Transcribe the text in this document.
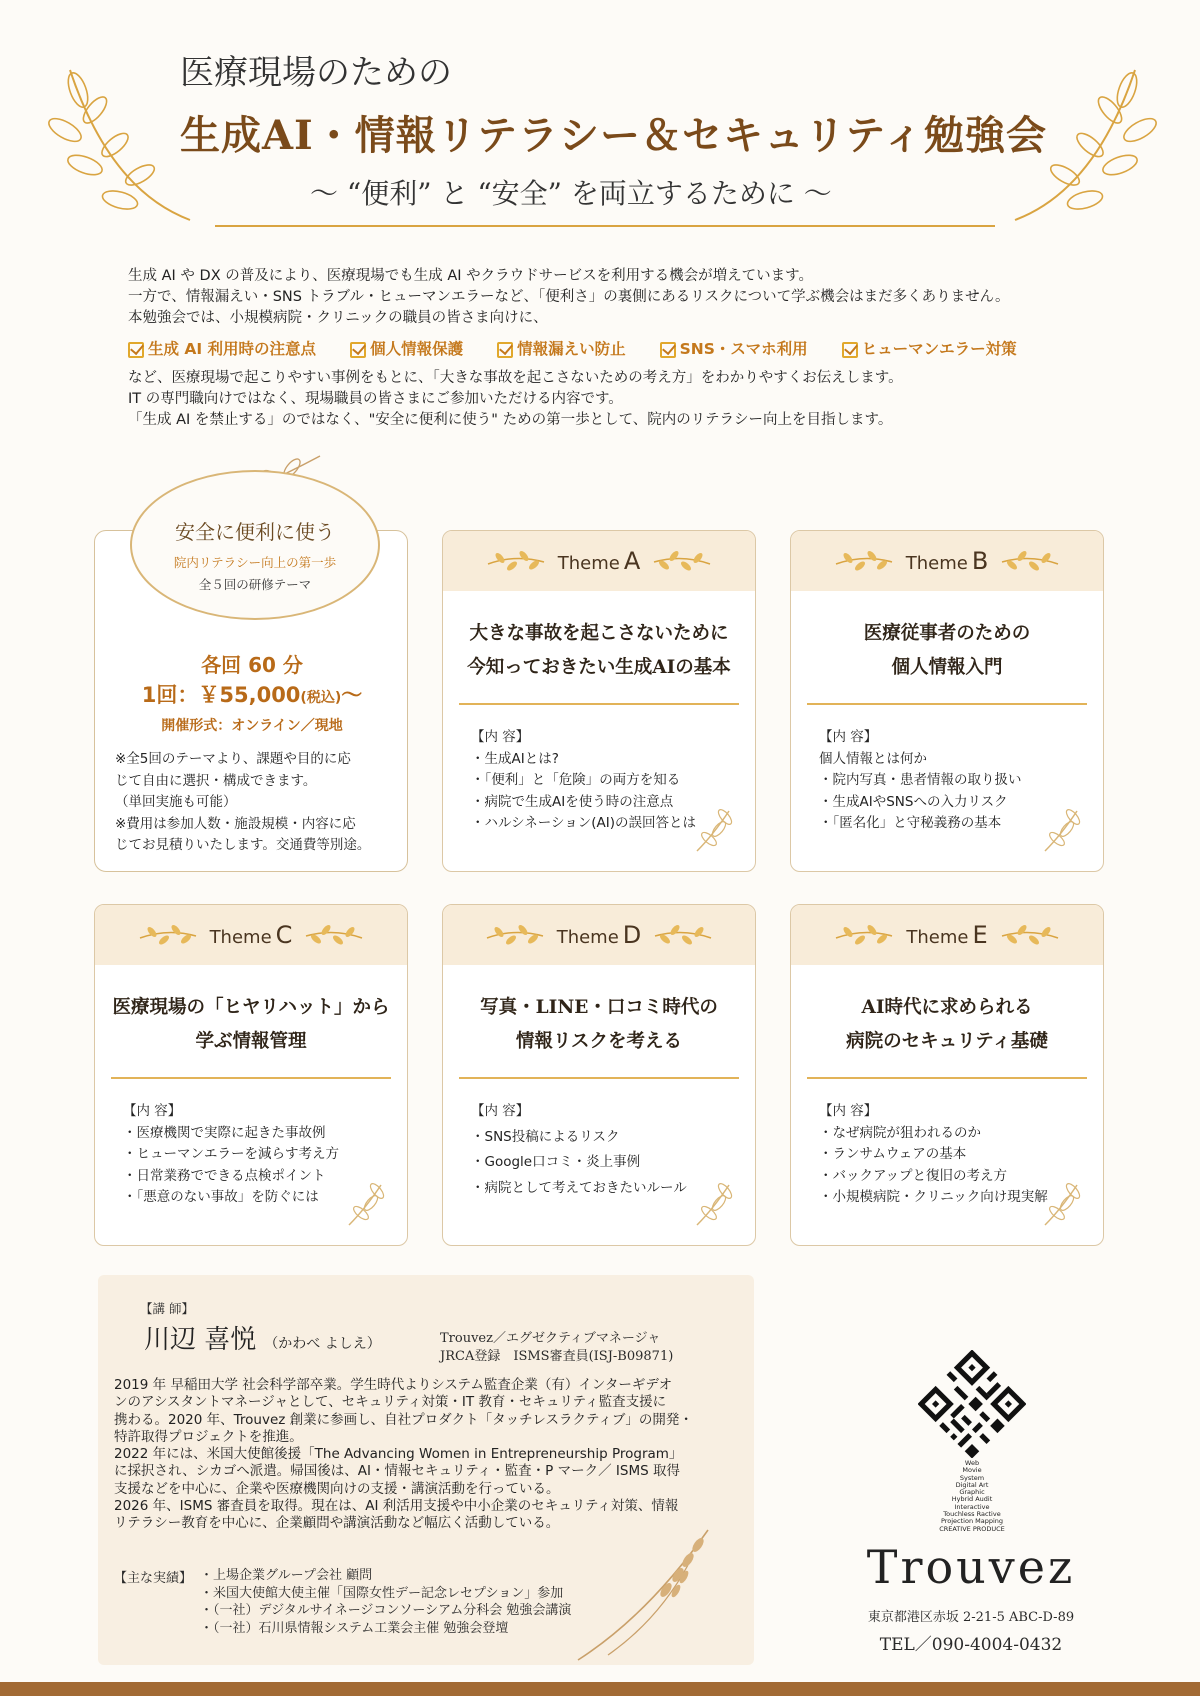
医療現場のための
生成AI・情報リテラシー＆セキュリティ勉強会
～ “便利” と “安全” を両立するために ～

生成 AI や DX の普及により、医療現場でも生成 AI やクラウドサービスを利用する機会が増えています。

一方で、情報漏えい・SNS トラブル・ヒューマンエラーなど、「便利さ」の裏側にあるリスクについて学ぶ機会はまだ多くありません。

本勉強会では、小規模病院・クリニックの職員の皆さま向けに、

生成 AI 利用時の注意点	個人情報保護	情報漏えい防止	SNS・スマホ利用	ヒューマンエラー対策

など、医療現場で起こりやすい事例をもとに、「大きな事故を起こさないための考え方」をわかりやすくお伝えします。

IT の専門職向けではなく、現場職員の皆さまにご参加いただける内容です。

「生成 AI を禁止する」のではなく、"安全に便利に使う" ための第一歩として、院内のリテラシー向上を目指します。

各回 60 分
1回：￥55,000(税込)〜
開催形式：オンライン／現地
※全5回のテーマより、課題や目的に応
じて自由に選択・構成できます。
（単回実施も可能）
※費用は参加人数・施設規模・内容に応
じてお見積りいたします。交通費等別途。
安全に便利に使う
院内リテラシー向上の第一歩
全５回の研修テーマ
Theme A
大きな事故を起こさないために
今知っておきたい生成AIの基本
【内 容】
・生成AIとは?
・「便利」と「危険」の両方を知る
・病院で生成AIを使う時の注意点
・ハルシネーション(AI)の誤回答とは
Theme B
医療従事者のための
個人情報入門
【内 容】
個人情報とは何か
・院内写真・患者情報の取り扱い
・生成AIやSNSへの入力リスク
・「匿名化」と守秘義務の基本
Theme C
医療現場の「ヒヤリハット」から
学ぶ情報管理
【内 容】
・医療機関で実際に起きた事故例
・ヒューマンエラーを減らす考え方
・日常業務でできる点検ポイント
・「悪意のない事故」を防ぐには
Theme D
写真・LINE・口コミ時代の
情報リスクを考える
【内 容】
・SNS投稿によるリスク
・Google口コミ・炎上事例
・病院として考えておきたいルール
Theme E
AI時代に求められる
病院のセキュリティ基礎
【内 容】
・なぜ病院が狙われるのか
・ランサムウェアの基本
・バックアップと復旧の考え方
・小規模病院・クリニック向け現実解
【講 師】
川辺 喜悦 （かわべ よしえ）	Trouvez／エグゼクティブマネージャ
JRCA登録　ISMS審査員(ISJ-B09871)

2019 年 早稲田大学 社会科学部卒業。学生時代よりシステム監査企業（有）インターギデオ

ンのアシスタントマネージャとして、セキュリティ対策・IT 教育・セキュリティ監査支援に

携わる。2020 年、Trouvez 創業に参画し、自社プロダクト「タッチレスラクティブ」の開発・

特許取得プロジェクトを推進。

2022 年には、米国大使館後援「The Advancing Women in Entrepreneurship Program」

に採択され、シカゴへ派遣。帰国後は、AI・情報セキュリティ・監査・P マーク／ ISMS 取得

支援などを中心に、企業や医療機関向けの支援・講演活動を行っている。

2026 年、ISMS 審査員を取得。現在は、AI 利活用支援や中小企業のセキュリティ対策、情報

リテラシー教育を中心に、企業顧問や講演活動など幅広く活動している。

【主な実績】
・	上場企業グループ会社 顧問
・ 米国大使館大使主催「国際女性デー記念レセプション」参加
・ （一社）デジタルサイネージコンソーシアム分科会 勉強会講演
・ （一社）石川県情報システム工業会主催 勉強会登壇
Web
Movie
System
Digital Art
Graphic
Hybrid Audit
Interactive
Touchless Ractive
Projection Mapping
CREATIVE PRODUCE
Trouvez
東京都港区赤坂 2-21-5 ABC-D-89
TEL／090-4004-0432
